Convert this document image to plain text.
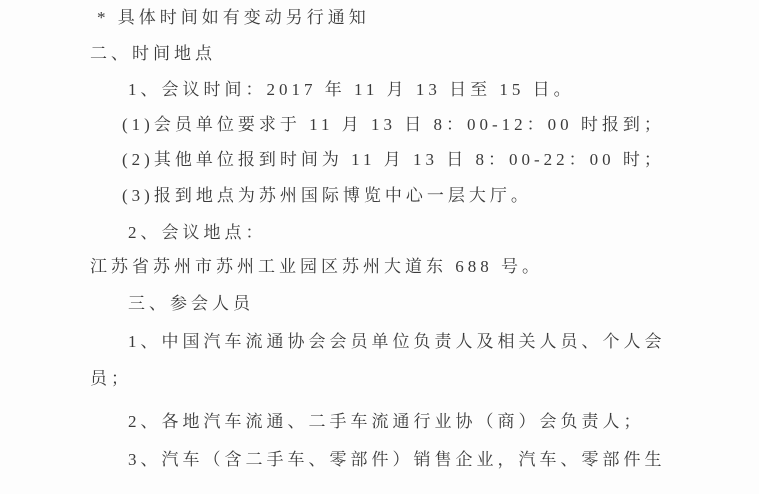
* 具体时间如有变动另行通知
二、时间地点
1、会议时间：2017 年 11 月 13 日至 15 日。
(1)会员单位要求于 11 月 13 日 8：00-12：00 时报到；
(2)其他单位报到时间为 11 月 13 日 8：00-22：00 时；
(3)报到地点为苏州国际博览中心一层大厅。
2、会议地点：
江苏省苏州市苏州工业园区苏州大道东 688 号。
三、参会人员
1、中国汽车流通协会会员单位负责人及相关人员、个人会
员；
2、各地汽车流通、二手车流通行业协（商）会负责人；
3、汽车（含二手车、零部件）销售企业，汽车、零部件生
